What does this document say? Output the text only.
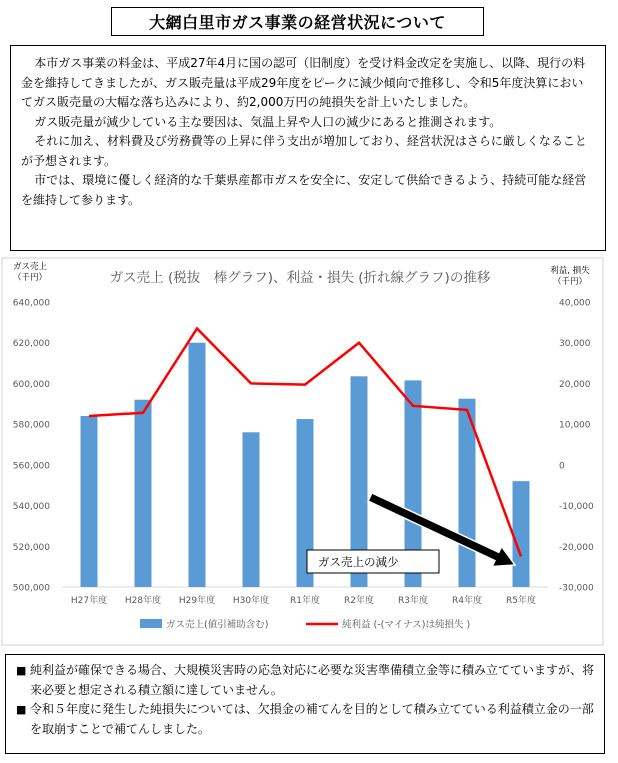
大網白里市ガス事業の経営状況について

本市ガス事業の料金は、平成27年4月に国の認可（旧制度）を受け料金改定を実施し、以降、現行の料金を維持してきましたが、ガス販売量は平成29年度をピークに減少傾向で推移し、令和5年度決算においてガス販売量の大幅な落ち込みにより、約2,000万円の純損失を計上いたしました。

ガス販売量が減少している主な要因は、気温上昇や人口の減少にあると推測されます。

それに加え、材料費及び労務費等の上昇に伴う支出が増加しており、経営状況はさらに厳しくなることが予想されます。

市では、環境に優しく経済的な千葉県産都市ガスを安全に、安定して供給できるよう、持続可能な経営を維持して参ります。

ガス売上 (税抜　棒グラフ)、利益・損失 (折れ線グラフ)の推移
ガス売上
（千円）
利益, 損失
（千円）
500,000
520,000
540,000
560,000
580,000
600,000
620,000
640,000
-30,000
-20,000
-10,000
0
10,000
20,000
30,000
40,000
H27年度 H28年度 H29年度 H30年度 R1年度	R2年度	R3年度	R4年度	R5年度
ガス売上の減少
ガス売上(値引補助含む)	純利益 (-(マイナス)は純損失 )
■ 純利益が確保できる場合、大規模災害時の応急対応に必要な災害準備積立金等に積み立てていますが、将来必要と想定される積立額に達していません。
■ 令和５年度に発生した純損失については、欠損金の補てんを目的として積み立てている利益積立金の一部を取崩すことで補てんしました。
